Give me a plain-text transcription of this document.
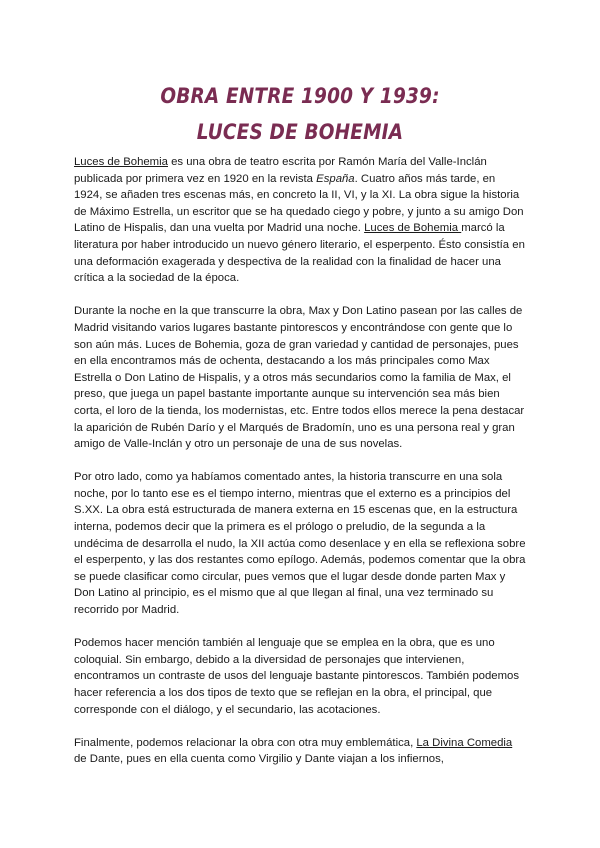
OBRA ENTRE 1900 Y 1939:
LUCES DE BOHEMIA

Luces de Bohemia es una obra de teatro escrita por Ramón María del Valle-Inclán publicada por primera vez en 1920 en la revista España. Cuatro años más tarde, en 1924, se añaden tres escenas más, en concreto la II, VI, y la XI. La obra sigue la historia de Máximo Estrella, un escritor que se ha quedado ciego y pobre, y junto a su amigo Don Latino de Hispalis, dan una vuelta por Madrid una noche. Luces de Bohemia marcó la literatura por haber introducido un nuevo género literario, el esperpento. Ésto consistía en una deformación exagerada y despectiva de la realidad con la finalidad de hacer una crítica a la sociedad de la época.

Durante la noche en la que transcurre la obra, Max y Don Latino pasean por las calles de Madrid visitando varios lugares bastante pintorescos y encontrándose con gente que lo son aún más. Luces de Bohemia, goza de gran variedad y cantidad de personajes, pues en ella encontramos más de ochenta, destacando a los más principales como Max Estrella o Don Latino de Hispalis, y a otros más secundarios como la familia de Max, el preso, que juega un papel bastante importante aunque su intervención sea más bien corta, el loro de la tienda, los modernistas, etc. Entre todos ellos merece la pena destacar la aparición de Rubén Darío y el Marqués de Bradomín, uno es una persona real y gran amigo de Valle-Inclán y otro un personaje de una de sus novelas.

Por otro lado, como ya habíamos comentado antes, la historia transcurre en una sola noche, por lo tanto ese es el tiempo interno, mientras que el externo es a principios del S.XX. La obra está estructurada de manera externa en 15 escenas que, en la estructura interna, podemos decir que la primera es el prólogo o preludio, de la segunda a la undécima de desarrolla el nudo, la XII actúa como desenlace y en ella se reflexiona sobre el esperpento, y las dos restantes como epílogo. Además, podemos comentar que la obra se puede clasificar como circular, pues vemos que el lugar desde donde parten Max y Don Latino al principio, es el mismo que al que llegan al final, una vez terminado su recorrido por Madrid.

Podemos hacer mención también al lenguaje que se emplea en la obra, que es uno coloquial. Sin embargo, debido a la diversidad de personajes que intervienen, encontramos un contraste de usos del lenguaje bastante pintorescos. También podemos hacer referencia a los dos tipos de texto que se reflejan en la obra, el principal, que corresponde con el diálogo, y el secundario, las acotaciones.

Finalmente, podemos relacionar la obra con otra muy emblemática, La Divina Comedia de Dante, pues en ella cuenta como Virgilio y Dante viajan a los infiernos,
